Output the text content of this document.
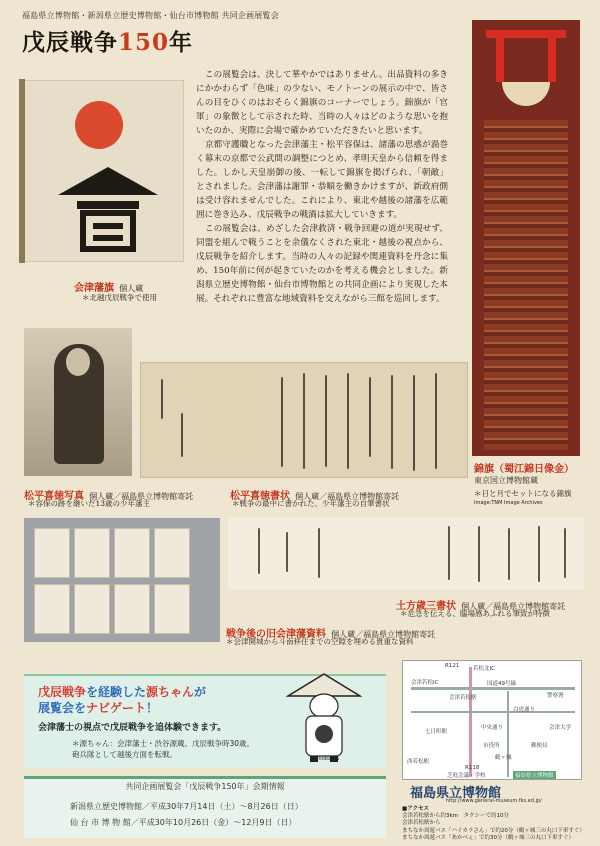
福島県立博物館・新潟県立歴史博物館・仙台市博物館 共同企画展覧会
戊辰戦争150年
会津藩旗 個人蔵
＊北越戊辰戦争で使用

この展覧会は、決して華やかではありません。出品資料の多きにかかわらず「色味」の少ない、モノトーンの展示の中で、皆さんの目をひくのはおそらく錦旗のコーナーでしょう。錦旗が「官軍」の象徴として示された時、当時の人々はどのような思いを抱いたのか、実際に会場で確かめていただきたいと思います。

京都守護職となった会津藩主・松平容保は、諸藩の思惑が渦巻く幕末の京都で公武間の調整につとめ、孝明天皇から信頼を得ました。しかし天皇崩御の後、一転して錦旗を掲げられ、「朝敵」とされました。会津藩は謝罪・恭順を働きかけますが、新政府側は受け容れませんでした。これにより、東北や越後の諸藩を広範囲に巻き込み、戊辰戦争の戦渦は拡大していきます。

この展覧会は、めざした会津救済・戦争回避の道が実現せず、同盟を組んで戦うことを余儀なくされた東北・越後の視点から、戊辰戦争を紹介します。当時の人々の記録や関連資料を丹念に集め、150年前に何が起きていたのかを考える機会としました。新潟県立歴史博物館・仙台市博物館との共同企画により実現した本展。それぞれに豊富な地域資料を交えながら三館を巡回します。

錦旗（蜀江錦日像金）
東京国立博物館蔵
＊日と月でセットになる錦旗
Image:TNM Image Archives
松平喜徳写真 個人蔵／福島県立博物館寄託
＊容保の跡を継いだ13歳の少年藩主
松平喜徳書状 個人蔵／福島県立博物館寄託
＊戦争の最中に書かれた、少年藩主の自筆書状
戦争後の旧会津藩資料 個人蔵／福島県立博物館寄託
＊会津開城から斗南移住までの空隙を埋める貴重な資料
土方歳三書状 個人蔵／福島県立博物館寄託
＊危急を伝える、臨場感あふれる筆致が特徴
戊辰戦争を経験した源ちゃんが
展覧会をナビゲート！
会津藩士の視点で戊辰戦争を追体験できます。
＊源ちゃん：会津藩士・渋谷源蔵。戊辰戦争時30歳。
砲兵隊として越後方面を転戦。	©kobama
共同企画展覧会「戊辰戦争150年」会期情報
新潟県立歴史博物館／平成30年7月14日（土）〜8月26日（日）
仙 台 市 博 物 館／平成30年10月26日（金）〜12月9日（日）
R121 若松北IC
会津若松IC	国道49号線
会津若松駅
白虎通り
七日町駅
中央通り
市役所
鶴ヶ城
西若松駅
R118
警察署
会津大学
郵便局
芝庭会議・学校	福島県立博物館
福島県立博物館
http://www.general-museum.fks.ed.jp/
■アクセス
会津若松駅から約3km　タクシーで約10分
会津若松駅から
まちなか周遊バス「ハイカラさん」で約20分（鶴ヶ城三の丸口下車すぐ）
まちなか周遊バス「あかべぇ」で約30分（鶴ヶ城三の丸口下車すぐ）
